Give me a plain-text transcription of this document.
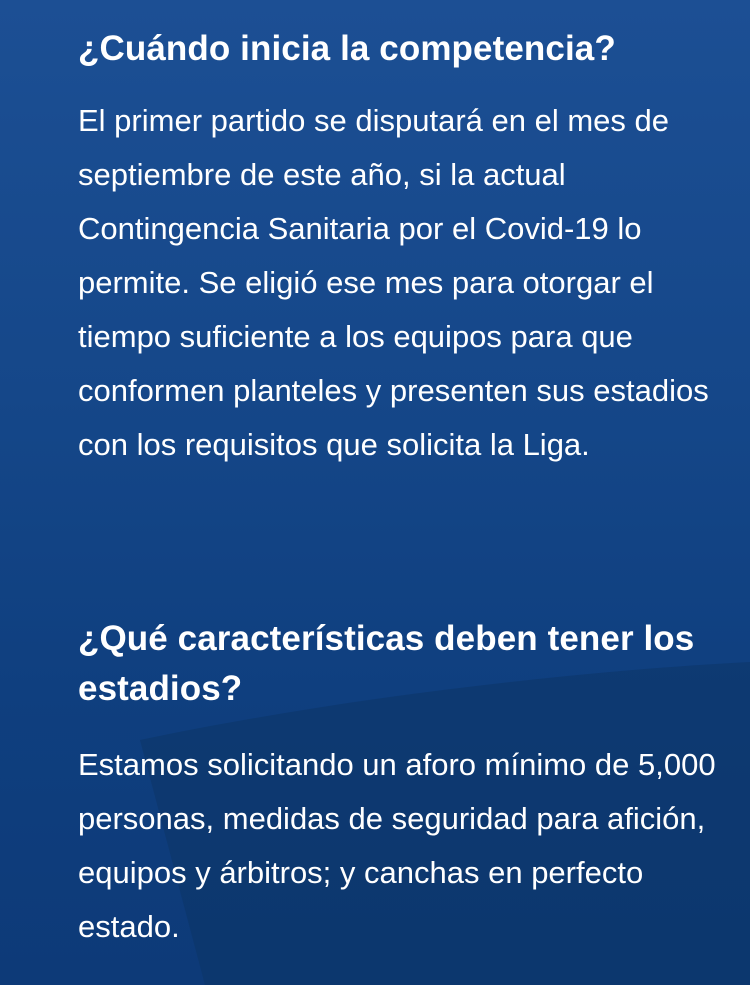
¿Cuándo inicia la competencia?

El primer partido se disputará en el mes de septiembre de este año, si la actual Contingencia Sanitaria por el Covid-19 lo permite. Se eligió ese mes para otorgar el tiempo suficiente a los equipos para que conformen planteles y presenten sus estadios con los requisitos que solicita la Liga.

¿Qué características deben tener los estadios?

Estamos solicitando un aforo mínimo de 5,000 personas, medidas de seguridad para afición, equipos y árbitros; y canchas en perfecto estado.
